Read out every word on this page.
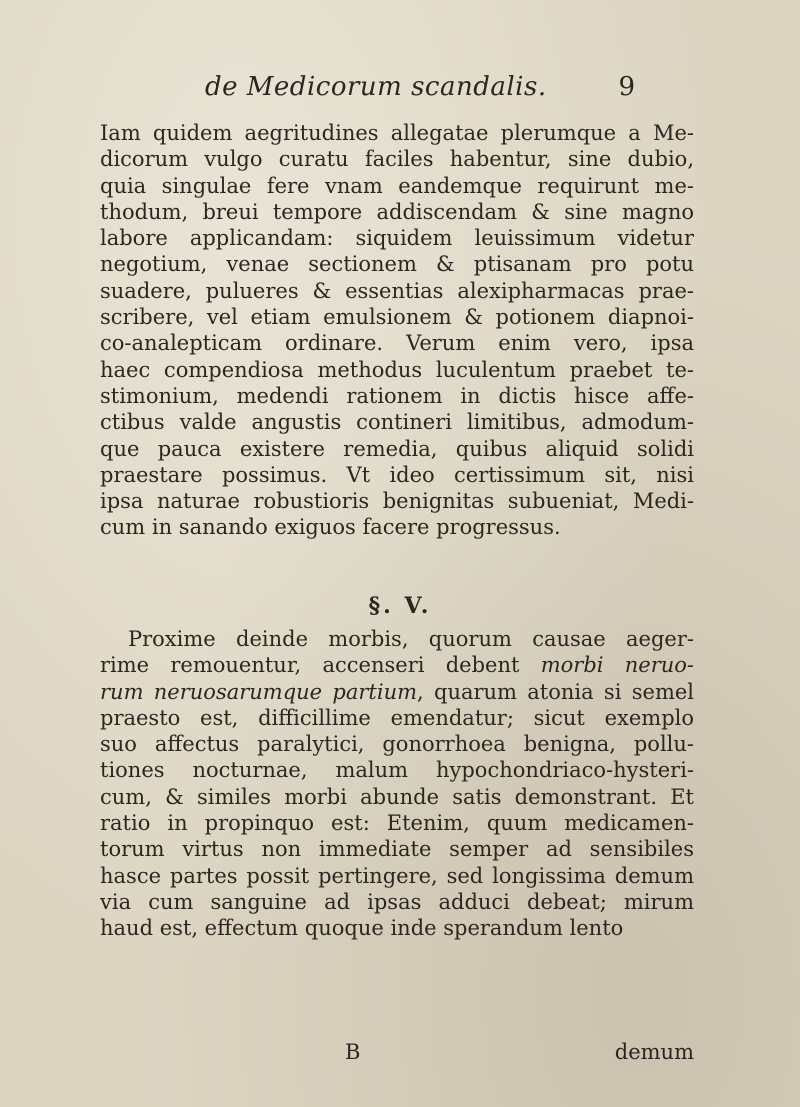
de Medicorum scandalis.	9
Iam quidem aegritudines allegatae plerumque a Me-
dicorum vulgo curatu faciles habentur, sine dubio,
quia singulae fere vnam eandemque requirunt me-
thodum, breui tempore addiscendam & sine magno
labore applicandam: siquidem leuissimum videtur
negotium, venae sectionem & ptisanam pro potu
suadere, pulueres & essentias alexipharmacas prae-
scribere, vel etiam emulsionem & potionem diapnoi-
co-analepticam ordinare. Verum enim vero, ipsa
haec compendiosa methodus luculentum praebet te-
stimonium, medendi rationem in dictis hisce affe-
ctibus valde angustis contineri limitibus, admodum-
que pauca existere remedia, quibus aliquid solidi
praestare possimus. Vt ideo certissimum sit, nisi
ipsa naturae robustioris benignitas subueniat, Medi-
cum in sanando exiguos facere progressus.
§. V.
Proxime deinde morbis, quorum causae aeger-
rime remouentur, accenseri debent morbi neruo-
rum neruosarumque partium, quarum atonia si semel
praesto est, difficillime emendatur; sicut exemplo
suo affectus paralytici, gonorrhoea benigna, pollu-
tiones nocturnae, malum hypochondriaco-hysteri-
cum, & similes morbi abunde satis demonstrant. Et
ratio in propinquo est: Etenim, quum medicamen-
torum virtus non immediate semper ad sensibiles
hasce partes possit pertingere, sed longissima demum
via cum sanguine ad ipsas adduci debeat; mirum
haud est, effectum quoque inde sperandum lento
B	demum
